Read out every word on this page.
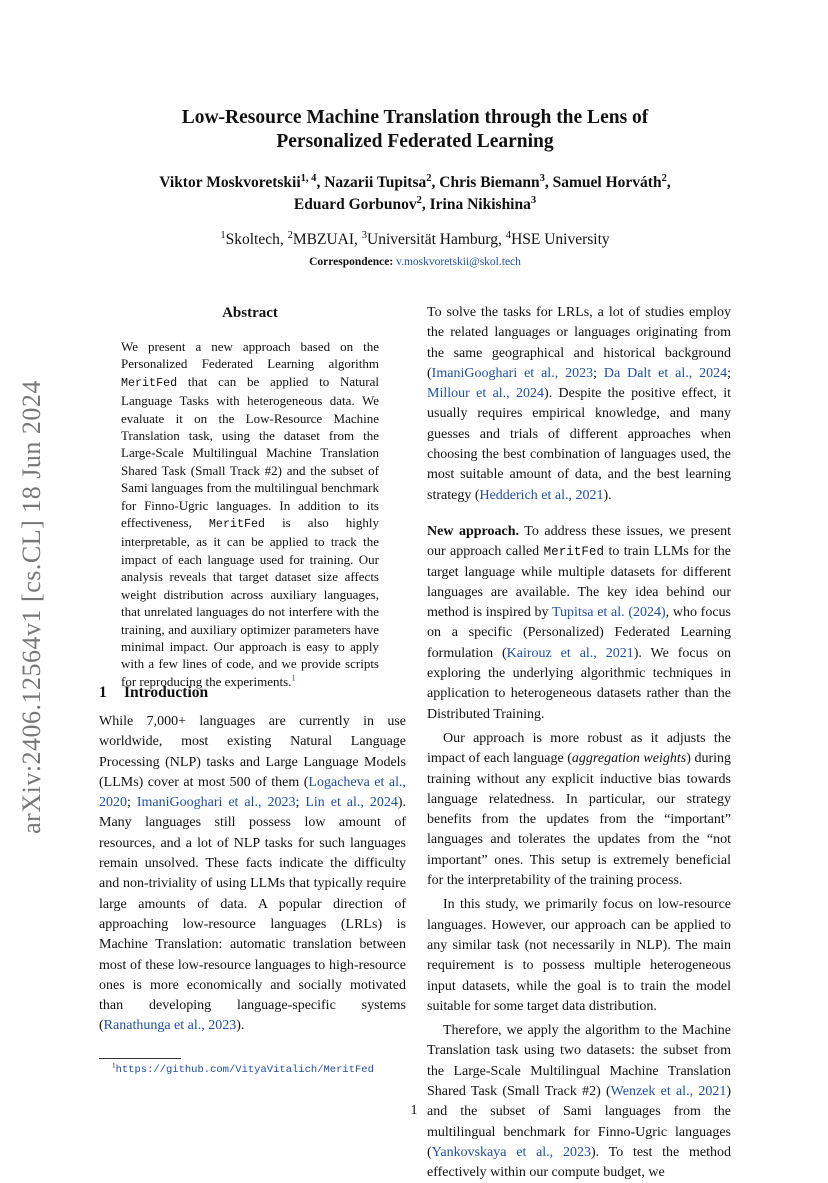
arXiv:2406.12564v1 [cs.CL] 18 Jun 2024
Low-Resource Machine Translation through the Lens of
Personalized Federated Learning
Viktor Moskvoretskii$^{1, 4}$, Nazarii Tupitsa$^2$, Chris Biemann$^3$, Samuel Horváth$^2$,
Eduard Gorbunov$^2$, Irina Nikishina$^3$
$^1$Skoltech, $^2$MBZUAI, $^3$Universität Hamburg, $^4$HSE University
Correspondence: v.moskvoretskii@skol.tech
Abstract
We present a new approach based on the Personalized Federated Learning algorithm MeritFed that can be applied to Natural Language Tasks with heterogeneous data. We evaluate it on the Low-Resource Machine Translation task, using the dataset from the Large-Scale Multilingual Machine Translation Shared Task (Small Track #2) and the subset of Sami languages from the multilingual benchmark for Finno-Ugric languages. In addition to its effectiveness, MeritFed is also highly interpretable, as it can be applied to track the impact of each language used for training. Our analysis reveals that target dataset size affects weight distribution across auxiliary languages, that unrelated languages do not interfere with the training, and auxiliary optimizer parameters have minimal impact. Our approach is easy to apply with a few lines of code, and we provide scripts for reproducing the experiments.$^1$
1 Introduction

While 7,000+ languages are currently in use worldwide, most existing Natural Language Processing (NLP) tasks and Large Language Models (LLMs) cover at most 500 of them (Logacheva et al., 2020; ImaniGooghari et al., 2023; Lin et al., 2024). Many languages still possess low amount of resources, and a lot of NLP tasks for such languages remain unsolved. These facts indicate the difficulty and non-triviality of using LLMs that typically require large amounts of data. A popular direction of approaching low-resource languages (LRLs) is Machine Translation: automatic translation between most of these low-resource languages to high-resource ones is more economically and socially motivated than developing language-specific systems (Ranathunga et al., 2023).

To solve the tasks for LRLs, a lot of studies employ the related languages or languages originating from the same geographical and historical background (ImaniGooghari et al., 2023; Da Dalt et al., 2024; Millour et al., 2024). Despite the positive effect, it usually requires empirical knowledge, and many guesses and trials of different approaches when choosing the best combination of languages used, the most suitable amount of data, and the best learning strategy (Hedderich et al., 2021).

New approach. To address these issues, we present our approach called MeritFed to train LLMs for the target language while multiple datasets for different languages are available. The key idea behind our method is inspired by Tupitsa et al. (2024), who focus on a specific (Personalized) Federated Learning formulation (Kairouz et al., 2021). We focus on exploring the underlying algorithmic techniques in application to heterogeneous datasets rather than the Distributed Training.

Our approach is more robust as it adjusts the impact of each language (aggregation weights) during training without any explicit inductive bias towards language relatedness. In particular, our strategy benefits from the updates from the “important” languages and tolerates the updates from the “not important” ones. This setup is extremely beneficial for the interpretability of the training process.

In this study, we primarily focus on low-resource languages. However, our approach can be applied to any similar task (not necessarily in NLP). The main requirement is to possess multiple heterogeneous input datasets, while the goal is to train the model suitable for some target data distribution.

Therefore, we apply the algorithm to the Machine Translation task using two datasets: the subset from the Large-Scale Multilingual Machine Translation Shared Task (Small Track #2) (Wenzek et al., 2021) and the subset of Sami languages from the multilingual benchmark for Finno-Ugric languages (Yankovskaya et al., 2023). To test the method effectively within our compute budget, we

$^1$https://github.com/VityaVitalich/MeritFed
1
